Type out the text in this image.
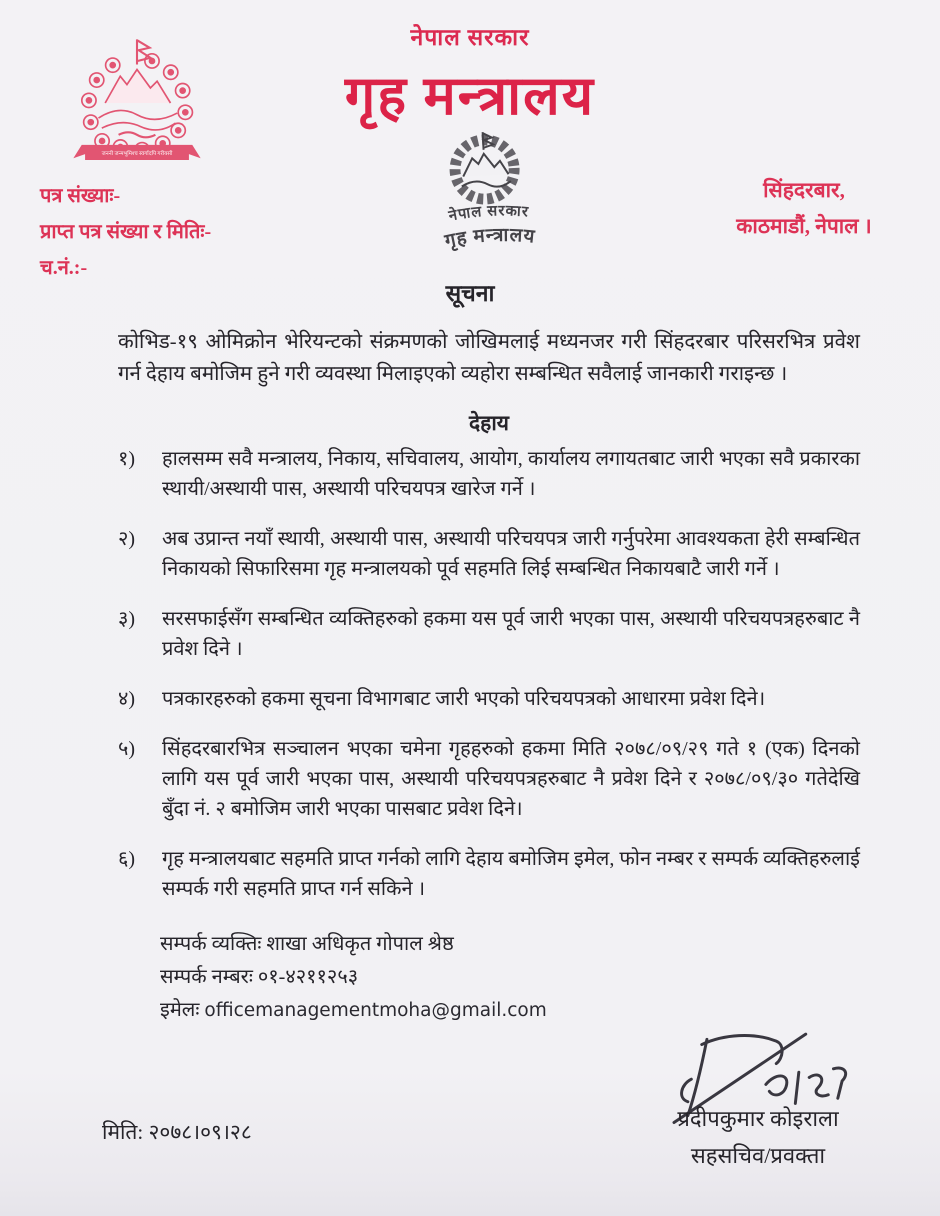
नेपाल सरकार
गृह मन्त्रालय
जननी जन्मभूमिश्च स्वर्गादपि गरीयसी
नेपाल सरकार
गृह मन्त्रालय
पत्र संख्याः-
प्राप्त पत्र संख्या र मितिः-
च.नं.:-
सिंहदरबार,
काठमाडौं, नेपाल ।
सूचना
कोभिड-१९ ओमिक्रोन भेरियन्टको संक्रमणको जोखिमलाई मध्यनजर गरी सिंहदरबार परिसरभित्र प्रवेश गर्न देहाय बमोजिम हुने गरी व्यवस्था मिलाइएको व्यहोरा सम्बन्धित सवैलाई जानकारी गराइन्छ ।
देहाय
१)	हालसम्म सवै मन्त्रालय, निकाय, सचिवालय, आयोग, कार्यालय लगायतबाट जारी भएका सवै प्रकारका स्थायी/अस्थायी पास, अस्थायी परिचयपत्र खारेज गर्ने ।
२)	अब उप्रान्त नयाँ स्थायी, अस्थायी पास, अस्थायी परिचयपत्र जारी गर्नुपरेमा आवश्यकता हेरी सम्बन्धित निकायको सिफारिसमा गृह मन्त्रालयको पूर्व सहमति लिई सम्बन्धित निकायबाटै जारी गर्ने ।
३)	सरसफाईसँग सम्बन्धित व्यक्तिहरुको हकमा यस पूर्व जारी भएका पास, अस्थायी परिचयपत्रहरुबाट नै प्रवेश दिने ।
४)	पत्रकारहरुको हकमा सूचना विभागबाट जारी भएको परिचयपत्रको आधारमा प्रवेश दिने।
५)	सिंहदरबारभित्र सञ्चालन भएका चमेना गृहहरुको हकमा मिति २०७८/०९/२९ गते १ (एक) दिनको लागि यस पूर्व जारी भएका पास, अस्थायी परिचयपत्रहरुबाट नै प्रवेश दिने र २०७८/०९/३० गतेदेखि बुँदा नं. २ बमोजिम जारी भएका पासबाट प्रवेश दिने।
६)	गृह मन्त्रालयबाट सहमति प्राप्त गर्नको लागि देहाय बमोजिम इमेल, फोन नम्बर र सम्पर्क व्यक्तिहरुलाई सम्पर्क गरी सहमति प्राप्त गर्न सकिने ।
सम्पर्क व्यक्तिः शाखा अधिकृत गोपाल श्रेष्ठ
सम्पर्क नम्बरः ०१-४२११२५३
इमेलः officemanagementmoha@gmail.com
प्रदीपकुमार कोइराला
सहसचिव/प्रवक्ता
मिति: २०७८।०९।२८
